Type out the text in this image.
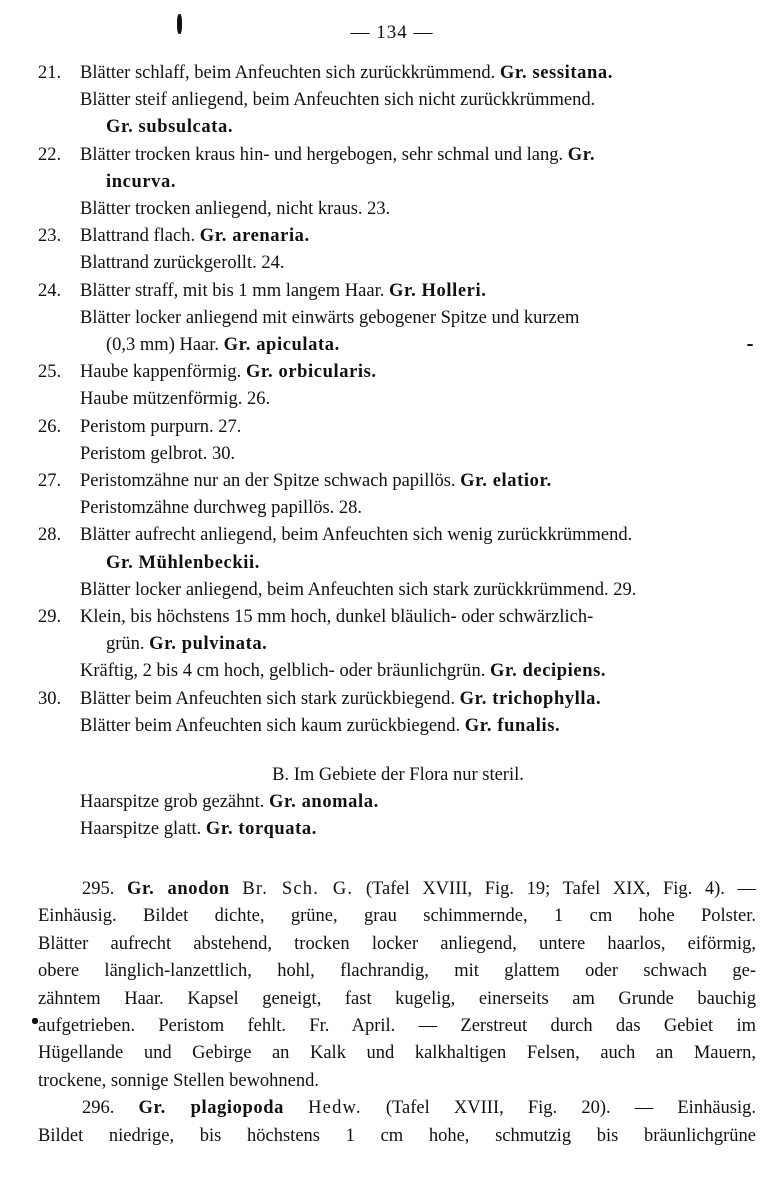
— 134 —
21.	Blätter schlaff, beim Anfeuchten sich zurückkrümmend. Gr. sessitana.
Blätter steif anliegend, beim Anfeuchten sich nicht zurückkrümmend.
Gr. subsulcata.
22.	Blätter trocken kraus hin- und hergebogen, sehr schmal und lang. Gr.
incurva.
Blätter trocken anliegend, nicht kraus. 23.
23.	Blattrand flach. Gr. arenaria.
Blattrand zurückgerollt. 24.
24.	Blätter straff, mit bis 1 mm langem Haar. Gr. Holleri.
Blätter locker anliegend mit einwärts gebogener Spitze und kurzem
(0,3 mm) Haar. Gr. apiculata.
25.	Haube kappenförmig. Gr. orbicularis.
Haube mützenförmig. 26.
26.	Peristom purpurn. 27.
Peristom gelbrot. 30.
27.	Peristomzähne nur an der Spitze schwach papillös. Gr. elatior.
Peristomzähne durchweg papillös. 28.
28.	Blätter aufrecht anliegend, beim Anfeuchten sich wenig zurückkrümmend.
Gr. Mühlenbeckii.
Blätter locker anliegend, beim Anfeuchten sich stark zurückkrümmend. 29.
29.	Klein, bis höchstens 15 mm hoch, dunkel bläulich- oder schwärzlich-
grün. Gr. pulvinata.
Kräftig, 2 bis 4 cm hoch, gelblich- oder bräunlichgrün. Gr. decipiens.
30.	Blätter beim Anfeuchten sich stark zurückbiegend. Gr. trichophylla.
Blätter beim Anfeuchten sich kaum zurückbiegend. Gr. funalis.
B. Im Gebiete der Flora nur steril.
Haarspitze grob gezähnt. Gr. anomala.
Haarspitze glatt. Gr. torquata.
295. Gr. anodon Br. Sch. G. (Tafel XVIII, Fig. 19; Tafel XIX, Fig. 4). —
Einhäusig. Bildet dichte, grüne, grau schimmernde, 1 cm hohe Polster.
Blätter aufrecht abstehend, trocken locker anliegend, untere haarlos, eiförmig,
obere länglich-lanzettlich, hohl, flachrandig, mit glattem oder schwach ge-
zähntem Haar. Kapsel geneigt, fast kugelig, einerseits am Grunde bauchig
aufgetrieben. Peristom fehlt. Fr. April. — Zerstreut durch das Gebiet im
Hügellande und Gebirge an Kalk und kalkhaltigen Felsen, auch an Mauern,
trockene, sonnige Stellen bewohnend.
296. Gr. plagiopoda Hedw. (Tafel XVIII, Fig. 20). — Einhäusig.
Bildet niedrige, bis höchstens 1 cm hohe, schmutzig bis bräunlichgrüne
